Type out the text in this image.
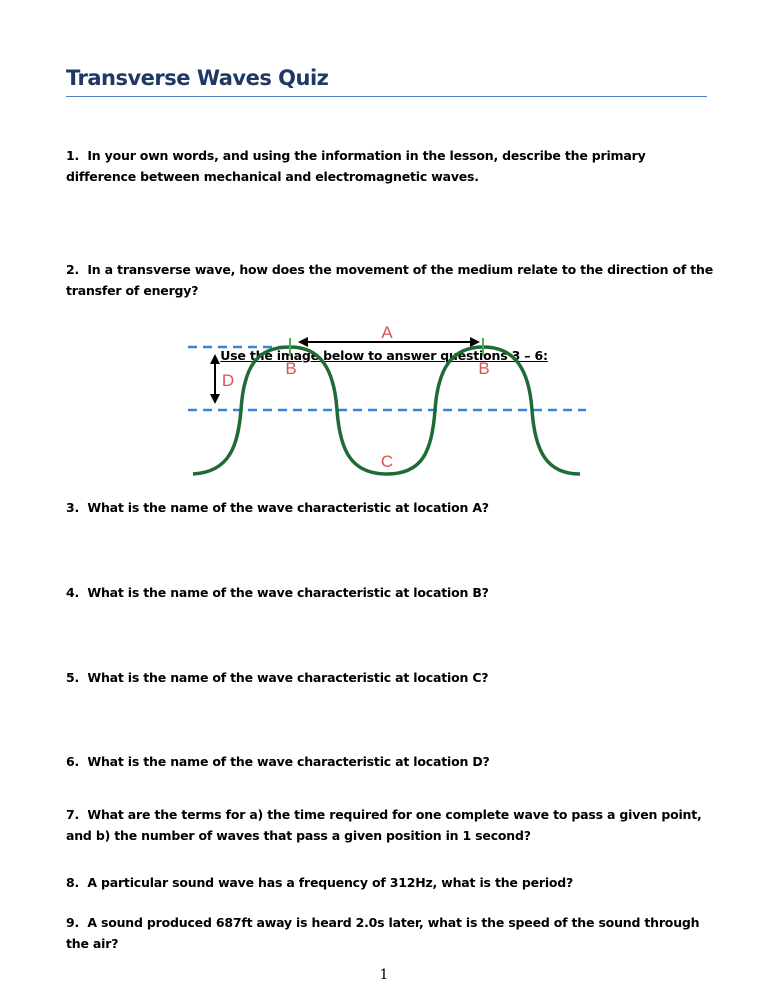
Transverse Waves Quiz
1. In your own words, and using the information in the lesson, describe the primary difference between mechanical and electromagnetic waves.
2. In a transverse wave, how does the movement of the medium relate to the direction of the transfer of energy?
Use the image below to answer questions 3 – 6:
A
B	B
D
C
3. What is the name of the wave characteristic at location A?
4. What is the name of the wave characteristic at location B?
5. What is the name of the wave characteristic at location C?
6. What is the name of the wave characteristic at location D?
7. What are the terms for a) the time required for one complete wave to pass a given point, and b) the number of waves that pass a given position in 1 second?
8. A particular sound wave has a frequency of 312Hz, what is the period?
9. A sound produced 687ft away is heard 2.0s later, what is the speed of the sound through the air?
1
